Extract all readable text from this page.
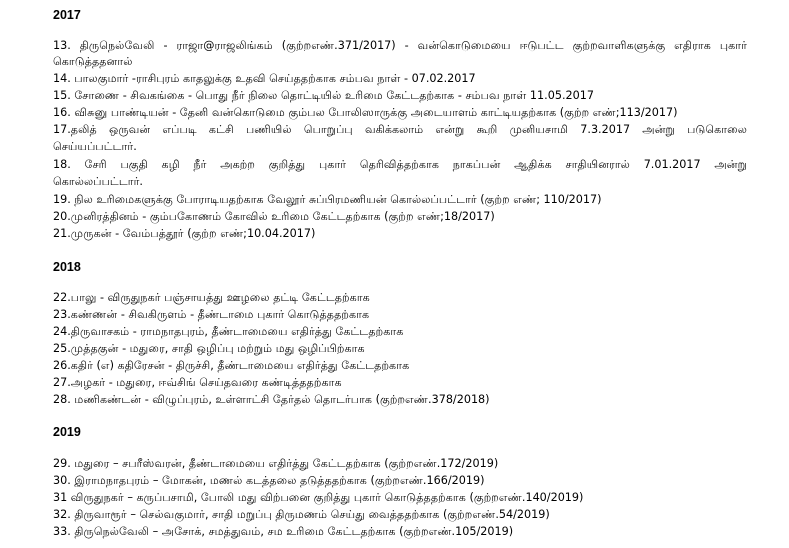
2017
13. திருநெல்வேலி - ராஜா@ராஜலிங்கம் (குற்றஎண்.371/2017) - வன்கொடுமையை ஈடுபட்ட குற்றவாளிகளுக்கு எதிராக புகார்
கொடுத்ததனால்
14. பாலகுமார் -ராசிபுரம் காதலுக்கு உதவி செய்ததற்காக சம்பவ நாள் - 07.02.2017
15. சோணை - சிவகங்கை - பொது நீர் நிலை தொட்டியில் உரிமை கேட்டதற்காக - சம்பவ நாள் 11.05.2017
16. விசுனு பாண்டியன் - தேனி வன்கொடுமை கும்பல போலிஸாருக்கு அடையாளம் காட்டியதற்காக (குற்ற எண்;113/2017)
17.தலித் ஒருவன் எப்படி கட்சி பணியில் பொறுப்பு வகிக்கலாம் என்று கூறி முனியசாமி 7.3.2017 அன்று படுகொலை
செய்யப்பட்டார்.
18. சேரி பகுதி கழி நீர் அகற்ற குறித்து புகார் தெரிவித்தற்காக நாகப்பன் ஆதிக்க சாதியினரால் 7.01.2017 அன்று
கொல்லப்பட்டார்.
19. நில உரிமைகளுக்கு போராடியதற்காக வேலூர் சுப்பிரமணியன் கொல்லப்பட்டார் (குற்ற எண்; 110/2017)
20.முனிரத்தினம் - கும்பகோணம் கோவில் உரிமை கேட்டதற்காக (குற்ற எண்;18/2017)
21.முருகன் - வேம்பத்தூர் (குற்ற எண்;10.04.2017)
2018
22.பாலு - விருதுநகர் பஞ்சாயத்து ஊழலை தட்டி கேட்டதற்காக
23.கண்ணன் - சிவகிருளம் - தீண்டாமை புகார் கொடுத்ததற்காக
24.திருவாசகம் - ராமநாதபுரம், தீண்டாமையை எதிர்த்து கேட்டதற்காக
25.முத்தகுன் - மதுரை, சாதி ஒழிப்பு மற்றும் மது ஒழிப்பிற்காக
26.கதிர் (எ) கதிரேசன் - திருச்சி, தீண்டாமையை எதிர்த்து கேட்டதற்காக
27.அழகர் - மதுரை, ஈவ்சிங் செய்தவரை கண்டித்ததற்காக
28. மணிகண்டன் - விழுப்புரம், உள்ளாட்சி தேர்தல் தொடர்பாக (குற்றஎண்.378/2018)
2019
29. மதுரை – சபரீஸ்வரன், தீண்டாமையை எதிர்த்து கேட்டதற்காக (குற்றஎண்.172/2019)
30. இராமநாதபுரம் – மோகன், மணல் கடத்தலை தடுத்ததற்காக (குற்றஎண்.166/2019)
31 விருதுநகர் – கருப்பசாமி, போலி மது விற்பனை குறித்து புகார் கொடுத்ததற்காக (குற்றஎண்.140/2019)
32. திருவாரூர் – செல்வகுமார், சாதி மறுப்பு திருமணம் செய்து வைத்ததற்காக (குற்றஎண்.54/2019)
33. திருநெல்வேலி – அசோக், சமத்துவம், சம உரிமை கேட்டதற்காக (குற்றஎண்.105/2019)
